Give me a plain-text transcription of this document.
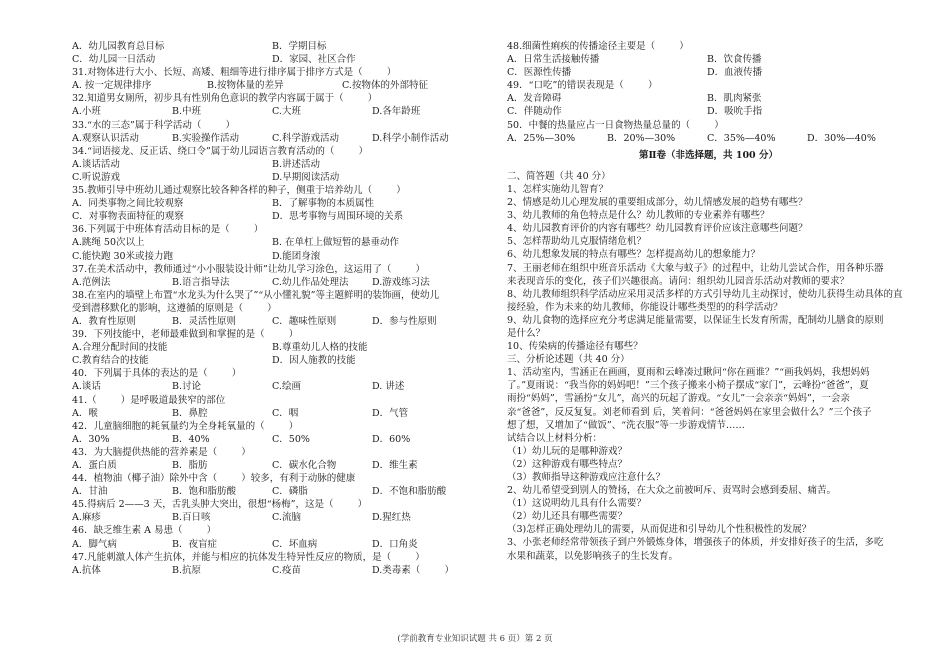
A．幼儿园教育总目标	B．学期目标
C．幼儿园一日活动	D．家园、社区合作
31.对物体进行大小、长短、高矮、粗细等进行排序属于排序方式是（        ）
A. 按一定规律排序	B.按物体量的差异	C.按物体的外部特征
32.知道男女厕所，初步具有性别角色意识的教学内容属于属于（        ）
A.小班	B.中班	C.大班	D.各年龄班
33.“水的三态”属于科学活动（        ）
A.观察认识活动	B.实验操作活动	C.科学游戏活动	D.科学小制作活动
34.“词语接龙、反正话、绕口令”属于幼儿园语言教育活动的（        ）
A.谈话活动	B.讲述活动
C.听说游戏	D.早期阅读活动
35.教师引导中班幼儿通过观察比较各种各样的种子，侧重于培养幼儿（        ）
A．同类事物之间比较观察	B．了解事物的本质属性
C．对事物表面特征的观察	D．思考事物与周围环境的关系
36.下列属于中班体育活动目标的是（        ）
A.跳绳 50次以上	B. 在单杠上做短暂的悬垂动作
C.能快跑 30米或接力跑	D.能团身滚
37.在美术活动中，教师通过“小小服装设计师”让幼儿学习涂色，这运用了（        ）
A.范例法	B.语言指导法	C.幼儿作品处理法	D.游戏练习法
38.在室内的墙壁上布置“水龙头为什么哭了”“从小懂礼貌”等主题鲜明的装饰画，使幼儿
受到潜移默化的影响，这遵循的原则是（        ）
A．教育性原则	B．灵活性原则	C．趣味性原则	D．参与性原则
39．下列技能中，老师最难做到和掌握的是（        ）
A.合理分配时间的技能	B.尊重幼儿人格的技能
C.教育结合的技能	D．因人施教的技能
40．下列属于具体的表达的是（        ）
A.谈话	B.讨论	C.绘画	D. 讲述
41.（        ）是呼吸道最狭窄的部位
A．喉	B．鼻腔	C．咽	D．气管
42．儿童脑细胞的耗氧量约为全身耗氧量的（        ）
A．30%	B．40%	C．50%	D．60%
43．为大脑提供热能的营养素是（        ）
A．蛋白质	B．脂肪	C．碳水化合物	D．维生素
44．植物油（椰子油）除外中含（        ）较多，有利于动脉的健康
A．甘油	B．饱和脂肪酸	C．磷脂	D．不饱和脂肪酸
45.得病后 2——3 天，舌乳头肿大突出，很想“杨梅”，这是（        ）
A.麻疹	B.百日咳	C.流脑	D.猩红热
46．缺乏维生素 A 易患（        ）
A．脚气病	B．夜盲症	C．坏血病	D．口角炎
47.凡能刺激人体产生抗体，并能与相应的抗体发生特异性反应的物质，是（        ）
A.抗体	B.抗原	C.疫苗	D.类毒素（        ）
48.细菌性痢疾的传播途径主要是（        ）
A．日常生活接触传播	B．饮食传播
C．医源性传播	D．血液传播
49．“口吃”的错误表现是（        ）
A．发音障碍	B．肌肉紧张
C．伴随动作	D．吸吮手指
50．中餐的热量应占一日食物热量总量的（        ）
A．25%—30%	B．20%—30%	C．35%—40%	D．30%—40%
第Ⅱ卷（非选择题，共 100 分）
二、简答题（共 40 分）
1、怎样实施幼儿智育？
2、情感是幼儿心理发展的重要组成部分，幼儿情感发展的趋势有哪些？
3、幼儿教师的角色特点是什么？幼儿教师的专业素养有哪些？
4、幼儿园教育评价的内容有哪些？幼儿园教育评价应该注意哪些问题？
5、怎样帮助幼儿克服情绪危机？
6、幼儿想象发展的特点有哪些？怎样提高幼儿的想象能力？
7、王丽老师在组织中班音乐活动《大象与蚊子》的过程中，让幼儿尝试合作，用各种乐器
来表现音乐的变化，孩子们兴趣很高。请问：组织幼儿园音乐活动对教师的要求？
8、幼儿教师组织科学活动应采用灵活多样的方式引导幼儿主动探讨，使幼儿获得生动具体的直
接经验，作为未来的幼儿教师，你能设计哪些类型的的科学活动？
9、幼儿食物的选择应充分考虑满足能量需要，以保证生长发育所需，配制幼儿膳食的原则
是什么？
10、传染病的传播途径有哪些？
三、分析论述题（共 40 分）
1、活动室内，雪涵正在画画，夏雨和云峰凑过瞅问“你在画谁？”“画我妈妈，我想妈妈
了。”夏雨说：“我当你的妈妈吧！”三个孩子搬来小椅子摆成“家门”，云峰扮“爸爸”，夏
雨扮“妈妈”，雪涵扮“女儿”，高兴的玩起了游戏。“女儿”一会亲亲“妈妈”，一会亲
亲“爸爸”，反反复复。刘老师看到 后，笑着问：“爸爸妈妈在家里会做什么？”三个孩子
想了想，又增加了“做饭”、“洗衣服”等一步游戏情节……
试结合以上材料分析：
（1）幼儿玩的是哪种游戏？
（2）这种游戏有哪些特点？
（3）教师指导这种游戏应注意什么？
2、幼儿希望受到别人的赞扬，在大众之前被呵斥、责骂时会感到委屈、痛苦。
（1）这说明幼儿具有什么需要？
（2）幼儿还具有哪些需要？
（3)怎样正确处理幼儿的需要，从而促进和引导幼儿个性积极性的发展？
3、小张老师经常带领孩子到户外锻炼身体，增强孩子的体质，并安排好孩子的生活，多吃
水果和蔬菜，以免影响孩子的生长发育。
(学前教育专业知识试题 共 6 页）第 2 页
